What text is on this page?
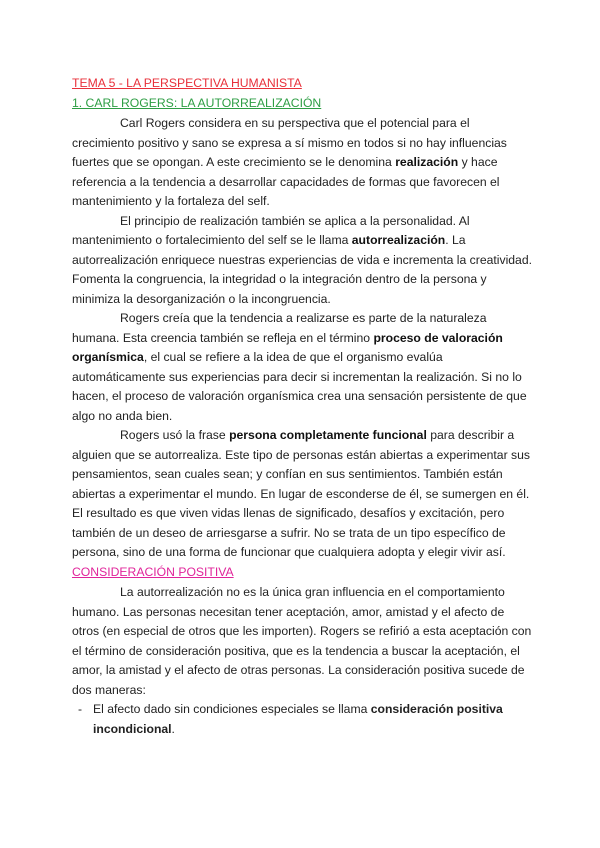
TEMA 5 - LA PERSPECTIVA HUMANISTA
1. CARL ROGERS: LA AUTORREALIZACIÓN

Carl Rogers considera en su perspectiva que el potencial para el crecimiento positivo y sano se expresa a sí mismo en todos si no hay influencias fuertes que se opongan. A este crecimiento se le denomina realización y hace referencia a la tendencia a desarrollar capacidades de formas que favorecen el mantenimiento y la fortaleza del self.

El principio de realización también se aplica a la personalidad. Al mantenimiento o fortalecimiento del self se le llama autorrealización. La autorrealización enriquece nuestras experiencias de vida e incrementa la creatividad. Fomenta la congruencia, la integridad o la integración dentro de la persona y minimiza la desorganización o la incongruencia.

Rogers creía que la tendencia a realizarse es parte de la naturaleza humana. Esta creencia también se refleja en el término proceso de valoración organísmica, el cual se refiere a la idea de que el organismo evalúa automáticamente sus experiencias para decir si incrementan la realización. Si no lo hacen, el proceso de valoración organísmica crea una sensación persistente de que algo no anda bien.

Rogers usó la frase persona completamente funcional para describir a alguien que se autorrealiza. Este tipo de personas están abiertas a experimentar sus pensamientos, sean cuales sean; y confían en sus sentimientos. También están abiertas a experimentar el mundo. En lugar de esconderse de él, se sumergen en él. El resultado es que viven vidas llenas de significado, desafíos y excitación, pero también de un deseo de arriesgarse a sufrir. No se trata de un tipo específico de persona, sino de una forma de funcionar que cualquiera adopta y elegir vivir así.

CONSIDERACIÓN POSITIVA

La autorrealización no es la única gran influencia en el comportamiento humano. Las personas necesitan tener aceptación, amor, amistad y el afecto de otros (en especial de otros que les importen). Rogers se refirió a esta aceptación con el término de consideración positiva, que es la tendencia a buscar la aceptación, el amor, la amistad y el afecto de otras personas. La consideración positiva sucede de dos maneras:

- El afecto dado sin condiciones especiales se llama consideración positiva incondicional.
